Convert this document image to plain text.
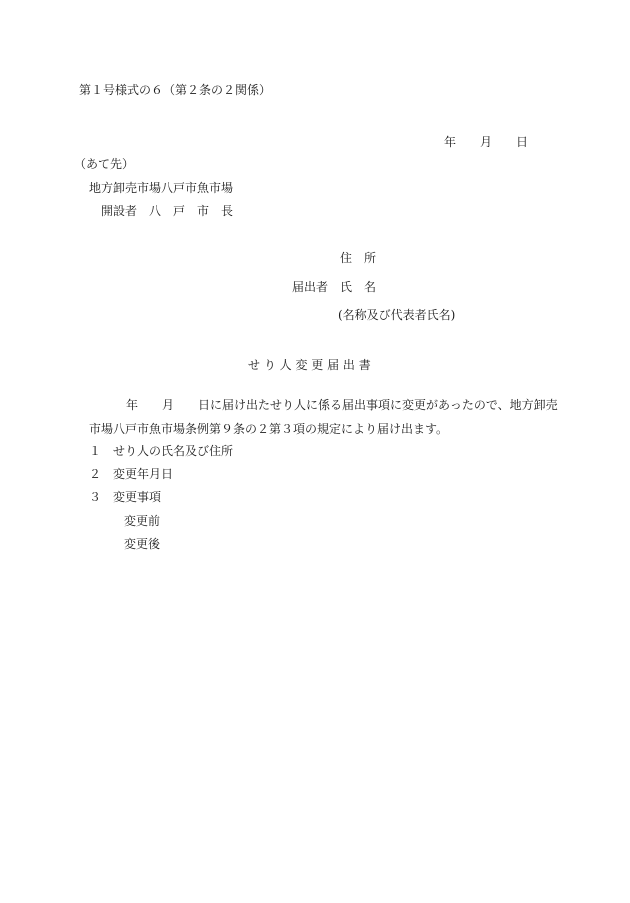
第１号様式の６（第２条の２関係）
年　　月　　日
（あて先）
地方卸売市場八戸市魚市場
開設者　八　戸　市　長
住　所
届出者　氏　名
(名称及び代表者氏名)
せ り 人 変 更 届 出 書
年　　月　　日に届け出たせり人に係る届出事項に変更があったので、地方卸売
市場八戸市魚市場条例第９条の２第３項の規定により届け出ます。
１　せり人の氏名及び住所
２　変更年月日
３　変更事項
変更前
変更後
